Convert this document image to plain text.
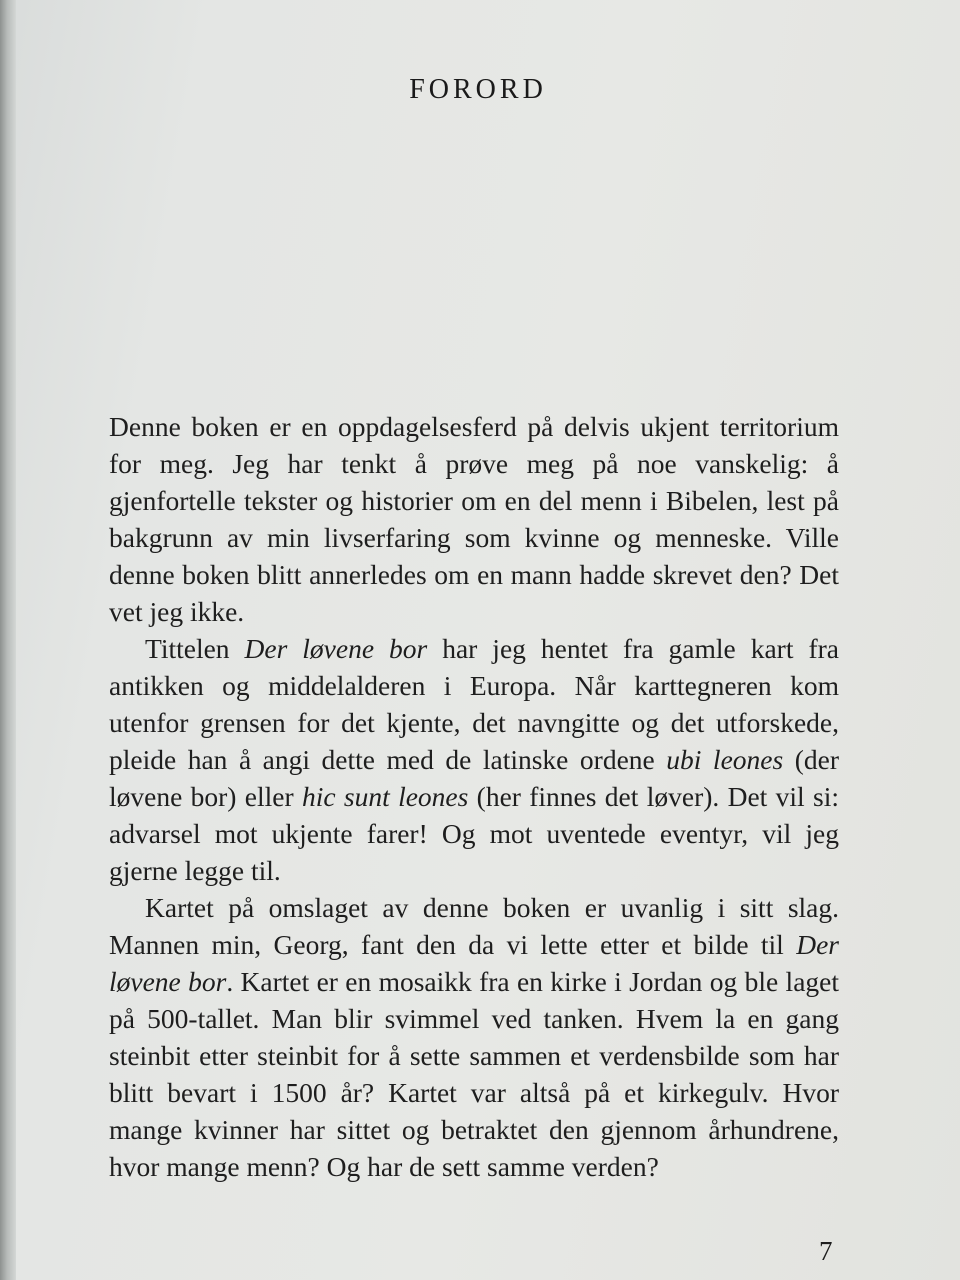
FORORD

Denne boken er en oppdagelsesferd på delvis ukjent territorium for meg. Jeg har tenkt å prøve meg på noe vanskelig: å gjenfortelle tekster og historier om en del menn i Bibelen, lest på bakgrunn av min livserfaring som kvinne og menneske. Ville denne boken blitt annerledes om en mann hadde skrevet den? Det vet jeg ikke.

Tittelen Der løvene bor har jeg hentet fra gamle kart fra antikken og middelalderen i Europa. Når karttegneren kom utenfor grensen for det kjente, det navngitte og det utforskede, pleide han å angi dette med de latinske ordene ubi leones (der løvene bor) eller hic sunt leones (her finnes det løver). Det vil si: advarsel mot ukjente farer! Og mot uventede eventyr, vil jeg gjerne legge til.

Kartet på omslaget av denne boken er uvanlig i sitt slag. Mannen min, Georg, fant den da vi lette etter et bilde til Der løvene bor. Kartet er en mosaikk fra en kirke i Jordan og ble laget på 500-tallet. Man blir svimmel ved tanken. Hvem la en gang steinbit etter steinbit for å sette sammen et verdensbilde som har blitt bevart i 1500 år? Kartet var altså på et kirkegulv. Hvor mange kvinner har sittet og betraktet den gjennom århundrene, hvor mange menn? Og har de sett samme verden?

7
